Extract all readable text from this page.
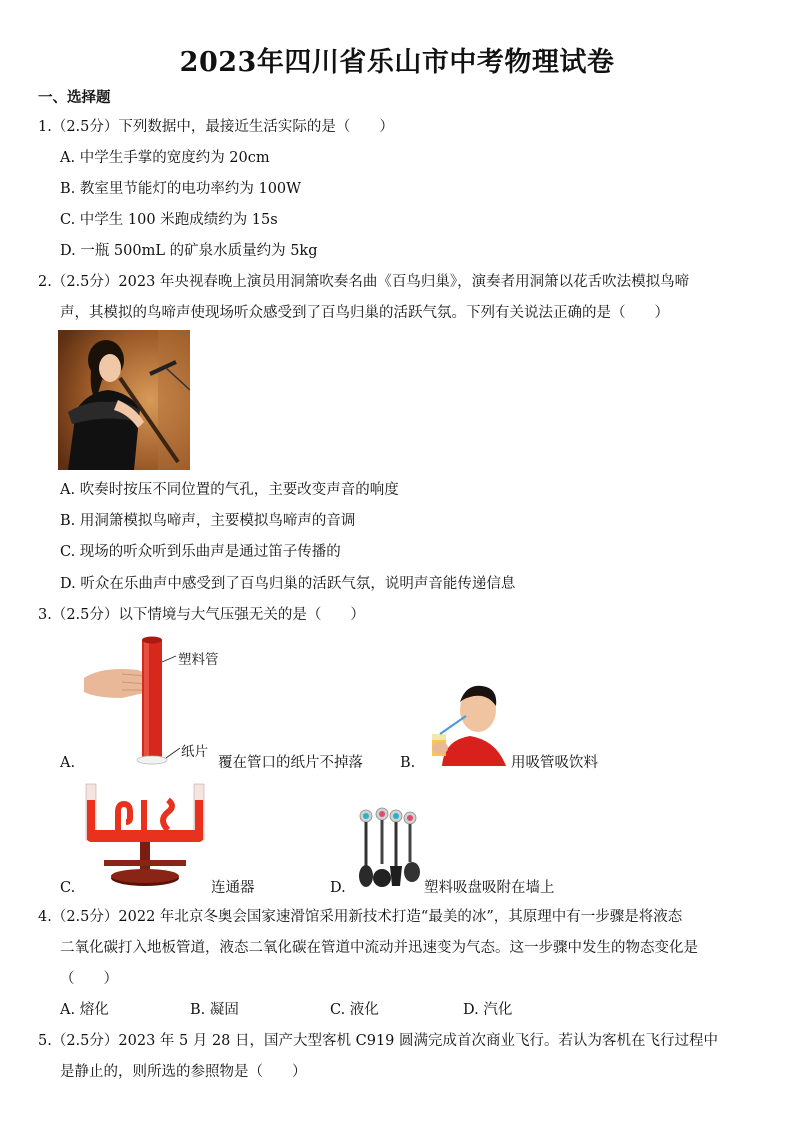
2023年四川省乐山市中考物理试卷
一、选择题
1.（2.5分）下列数据中，最接近生活实际的是（　　）
A. 中学生手掌的宽度约为 20cm
B. 教室里节能灯的电功率约为 100W
C. 中学生 100 米跑成绩约为 15s
D. 一瓶 500mL 的矿泉水质量约为 5kg
2.（2.5分）2023 年央视春晚上演员用洞箫吹奏名曲《百鸟归巢》，演奏者用洞箫以花舌吹法模拟鸟啼
声，其模拟的鸟啼声使现场听众感受到了百鸟归巢的活跃气氛。下列有关说法正确的是（　　）
A. 吹奏时按压不同位置的气孔，主要改变声音的响度
B. 用洞箫模拟鸟啼声，主要模拟鸟啼声的音调
C. 现场的听众听到乐曲声是通过笛子传播的
D. 听众在乐曲声中感受到了百鸟归巢的活跃气氛，说明声音能传递信息
3.（2.5分）以下情境与大气压强无关的是（　　）
塑料管
纸片
A.	覆在管口的纸片不掉落	B.	用吸管吸饮料
C.	连通器	D.	塑料吸盘吸附在墙上
4.（2.5分）2022 年北京冬奥会国家速滑馆采用新技术打造“最美的冰”，其原理中有一步骤是将液态
二氧化碳打入地板管道，液态二氧化碳在管道中流动并迅速变为气态。这一步骤中发生的物态变化是
（　　）
A. 熔化	B. 凝固	C. 液化	D. 汽化
5.（2.5分）2023 年 5 月 28 日，国产大型客机 C919 圆满完成首次商业飞行。若认为客机在飞行过程中
是静止的，则所选的参照物是（　　）
